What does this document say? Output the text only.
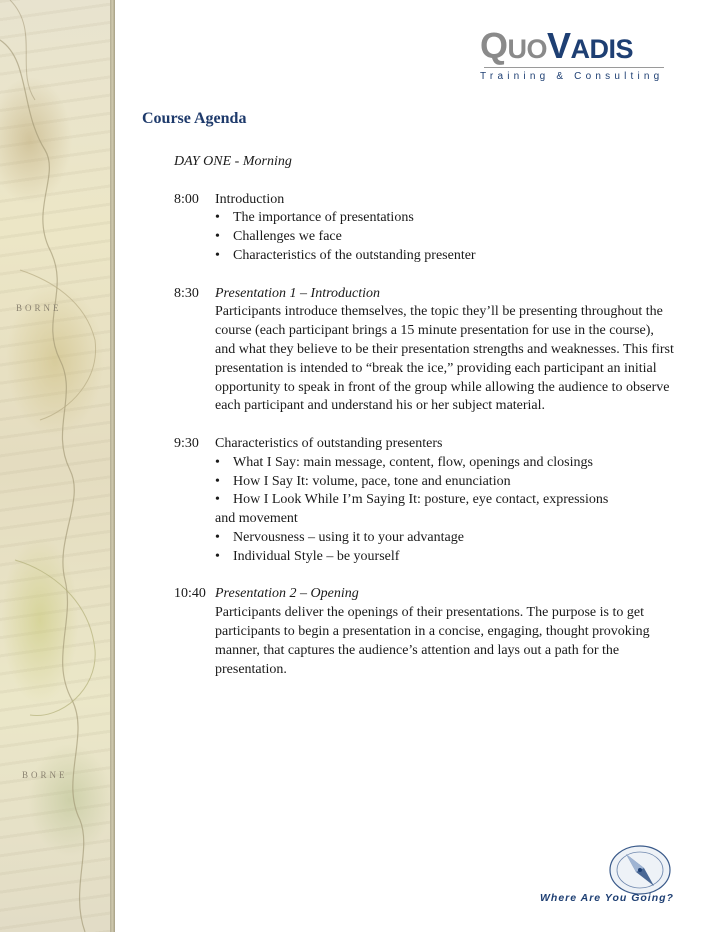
BORNE
BORNE
QUOVADIS
Training & Consulting
Course Agenda
DAY ONE - Morning
8:00	Introduction
• The importance of presentations
• Challenges we face
• Characteristics of the outstanding presenter
8:30	Presentation 1 – Introduction
Participants introduce themselves, the topic they’ll be presenting throughout the course (each participant brings a 15 minute presentation for use in the course), and what they believe to be their presentation strengths and weaknesses. This first presentation is intended to “break the ice,” providing each participant an initial opportunity to speak in front of the group while allowing the audience to observe each participant and understand his or her subject material.
9:30	Characteristics of outstanding presenters
• What I Say: main message, content, flow, openings and closings
• How I Say It: volume, pace, tone and enunciation
• How I Look While I’m Saying It: posture, eye contact, expressions
and movement
• Nervousness – using it to your advantage
• Individual Style – be yourself
10:40 Presentation 2 – Opening
Participants deliver the openings of their presentations. The purpose is to get participants to begin a presentation in a concise, engaging, thought provoking manner, that captures the audience’s attention and lays out a path for the presentation.
Where Are You Going?
